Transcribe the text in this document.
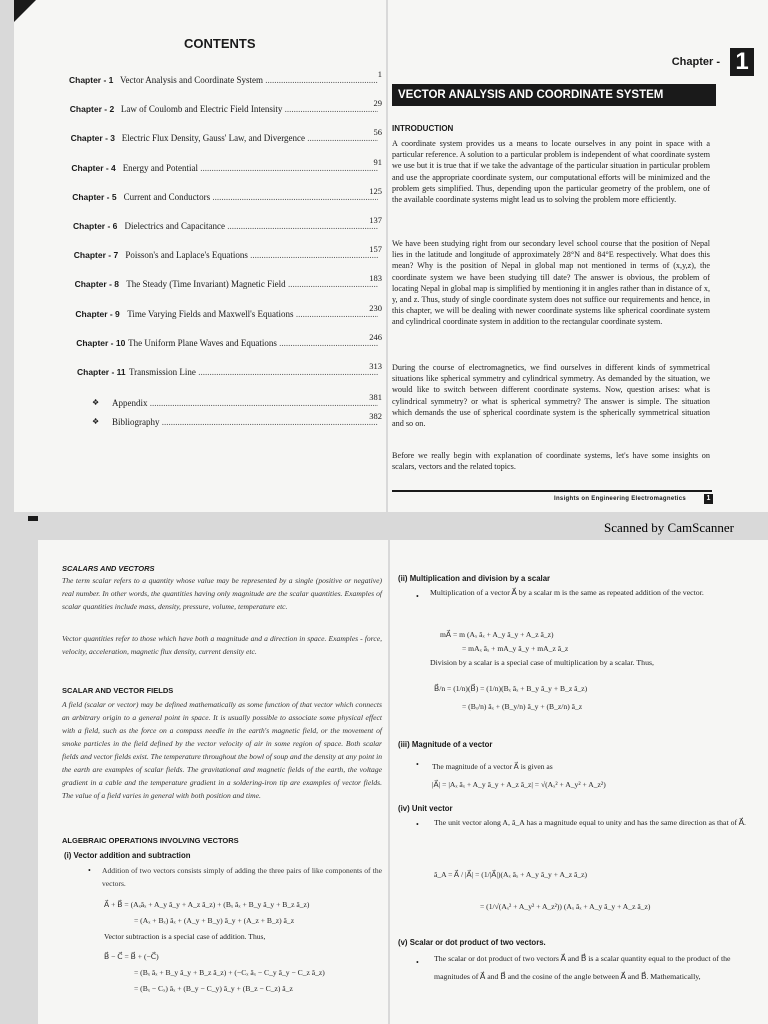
CONTENTS
Chapter - 1 Vector Analysis and Coordinate System .....
1
Chapter - 2 Law of Coulomb and Electric Field Intensity .....
29
Chapter - 3 Electric Flux Density, Gauss' Law, and Divergence .....
56
Chapter - 4 Energy and Potential .....
91
Chapter - 5 Current and Conductors .....
125
Chapter - 6 Dielectrics and Capacitance .....
137
Chapter - 7 Poisson's and Laplace's Equations .....
157
Chapter - 8 The Steady (Time Invariant) Magnetic Field .....
183
Chapter - 9 Time Varying Fields and Maxwell's Equations .....
230
Chapter - 10 The Uniform Plane Waves and Equations .....
246
Chapter - 11 Transmission Line .....
313
❖ Appendix .....
381
❖ Bibliography .....
382
Chapter - 1
VECTOR ANALYSIS AND COORDINATE SYSTEM
INTRODUCTION

A coordinate system provides us a means to locate ourselves in any point in space with a particular reference. A solution to a particular problem is independent of what coordinate system we use but it is true that if we take the advantage of the particular situation in particular problem and use the appropriate coordinate system, our computational efforts will be minimized and the problem gets simplified. Thus, depending upon the particular geometry of the problem, one of the available coordinate systems might lead us to solving the problem more efficiently.

We have been studying right from our secondary level school course that the position of Nepal lies in the latitude and longitude of approximately 28°N and 84°E respectively. What does this mean? Why is the position of Nepal in global map not mentioned in terms of (x,y,z), the coordinate system we have been studying till date? The answer is obvious, the problem of locating Nepal in global map is simplified by mentioning it in angles rather than in distance of x, y, and z. Thus, study of single coordinate system does not suffice our requirements and hence, in this chapter, we will be dealing with newer coordinate systems like spherical coordinate system and cylindrical coordinate system in addition to the rectangular coordinate system.

During the course of electromagnetics, we find ourselves in different kinds of symmetrical situations like spherical symmetry and cylindrical symmetry. As demanded by the situation, we would like to switch between different coordinate systems. Now, question arises: what is cylindrical symmetry? or what is spherical symmetry? The answer is simple. The situation which demands the use of spherical coordinate system is the spherically symmetrical situation and so on.

Before we really begin with explanation of coordinate systems, let's have some insights on scalars, vectors and the related topics.

Insights on Engineering Electromagnetics	1
Scanned by CamScanner
SCALARS AND VECTORS

The term scalar refers to a quantity whose value may be represented by a single (positive or negative) real number. In other words, the quantities having only magnitude are the scalar quantities. Examples of scalar quantities include mass, density, pressure, volume, temperature etc.

Vector quantities refer to those which have both a magnitude and a direction in space. Examples - force, velocity, acceleration, magnetic flux density, current density etc.

SCALAR AND VECTOR FIELDS

A field (scalar or vector) may be defined mathematically as some function of that vector which connects an arbitrary origin to a general point in space. It is usually possible to associate some physical effect with a field, such as the force on a compass needle in the earth's magnetic field, or the movement of smoke particles in the field defined by the vector velocity of air in some region of space. Both scalar fields and vector fields exist. The temperature throughout the bowl of soup and the density at any point in the earth are examples of scalar fields. The gravitational and magnetic fields of the earth, the voltage gradient in a cable and the temperature gradient in a soldering-iron tip are examples of vector fields. The value of a field varies in general with both position and time.

ALGEBRAIC OPERATIONS INVOLVING VECTORS
(i) Vector addition and subtraction
• Addition of two vectors consists simply of adding the three pairs of like components of the vectors.

A⃗ + B⃗ = (Aₓâₓ + A_y â_y + A_z â_z) + (Bₓ âₓ + B_y â_y + B_z â_z)
= (Aₓ + Bₓ) âₓ + (A_y + B_y) â_y + (A_z + B_z) â_z
Vector subtraction is a special case of addition. Thus,
B⃗ − C⃗ = B⃗ + (−C⃗)
= (Bₓ âₓ + B_y â_y + B_z â_z) + (−Cₓ âₓ − C_y â_y − C_z â_z)
= (Bₓ − Cₓ) âₓ + (B_y − C_y) â_y + (B_z − C_z) â_z
(ii) Multiplication and division by a scalar
• Multiplication of a vector A⃗ by a scalar m is the same as repeated addition of the vector.

mA⃗ = m (Aₓ âₓ + A_y â_y + A_z â_z)
= mAₓ âₓ + mA_y â_y + mA_z â_z

Division by a scalar is a special case of multiplication by a scalar. Thus,

B⃗/n = (1/n)(B⃗) = (1/n)(Bₓ âₓ + B_y â_y + B_z â_z)
= (Bₓ/n) âₓ + (B_y/n) â_y + (B_z/n) â_z
(iii) Magnitude of a vector
• The magnitude of a vector A⃗ is given as
|A⃗| = |Aₓ âₓ + A_y â_y + A_z â_z| = √(Aₓ² + A_y² + A_z²)
(iv) Unit vector
• The unit vector along A, â_A has a magnitude equal to unity and has the same direction as that of A⃗.

â_A = A⃗ / |A⃗| = (1/|A⃗|)(Aₓ âₓ + A_y â_y + A_z â_z)
= (1/√(Aₓ² + A_y² + A_z²)) (Aₓ âₓ + A_y â_y + A_z â_z)
(v) Scalar or dot product of two vectors.
• The scalar or dot product of two vectors A⃗ and B⃗ is a scalar quantity equal to the product of the magnitudes of A⃗ and B⃗ and the cosine of the angle between A⃗ and B⃗. Mathematically,
